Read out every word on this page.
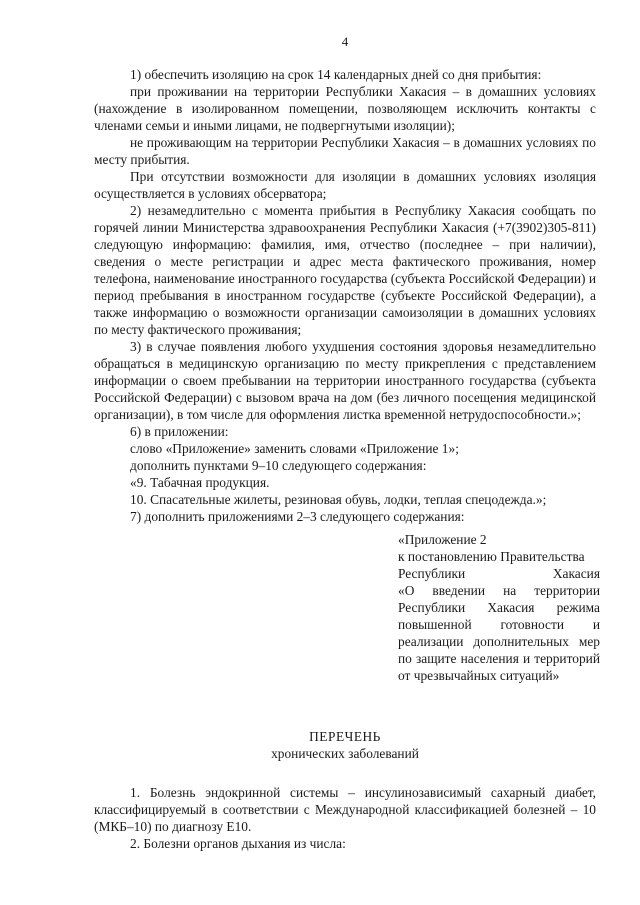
4

1) обеспечить изоляцию на срок 14 календарных дней со дня прибытия:

при проживании на территории Республики Хакасия – в домашних условиях (нахождение в изолированном помещении, позволяющем исключить контакты с членами семьи и иными лицами, не подвергнутыми изоляции);

не проживающим на территории Республики Хакасия – в домашних условиях по месту прибытия.

При отсутствии возможности для изоляции в домашних условиях изоляция осуществляется в условиях обсерватора;

2) незамедлительно с момента прибытия в Республику Хакасия сообщать по горячей линии Министерства здравоохранения Республики Хакасия (+7(3902)305-811) следующую информацию: фамилия, имя, отчество (последнее – при наличии), сведения о месте регистрации и адрес места фактического проживания, номер телефона, наименование иностранного государства (субъекта Российской Федерации) и период пребывания в иностранном государстве (субъекте Российской Федерации), а также информацию о возможности организации самоизоляции в домашних условиях по месту фактического проживания;

3) в случае появления любого ухудшения состояния здоровья незамедлительно обращаться в медицинскую организацию по месту прикрепления с представлением информации о своем пребывании на территории иностранного государства (субъекта Российской Федерации) с вызовом врача на дом (без личного посещения медицинской организации), в том числе для оформления листка временной нетрудоспособности.»;

6) в приложении:

слово «Приложение» заменить словами «Приложение 1»;

дополнить пунктами 9–10 следующего содержания:

«9. Табачная продукция.

10. Спасательные жилеты, резиновая обувь, лодки, теплая спецодежда.»;

7) дополнить приложениями 2–3 следующего содержания:

«Приложение 2

к постановлению Правительства

Республики	Хакасия

«О введении на территории Республики Хакасия режима повышенной готовности и реализации дополнительных мер по защите населения и территорий от чрезвычайных ситуаций»

ПЕРЕЧЕНЬ

хронических заболеваний

1. Болезнь эндокринной системы – инсулинозависимый сахарный диабет, классифицируемый в соответствии с Международной классификацией болезней – 10 (МКБ–10) по диагнозу Е10.

2. Болезни органов дыхания из числа:
